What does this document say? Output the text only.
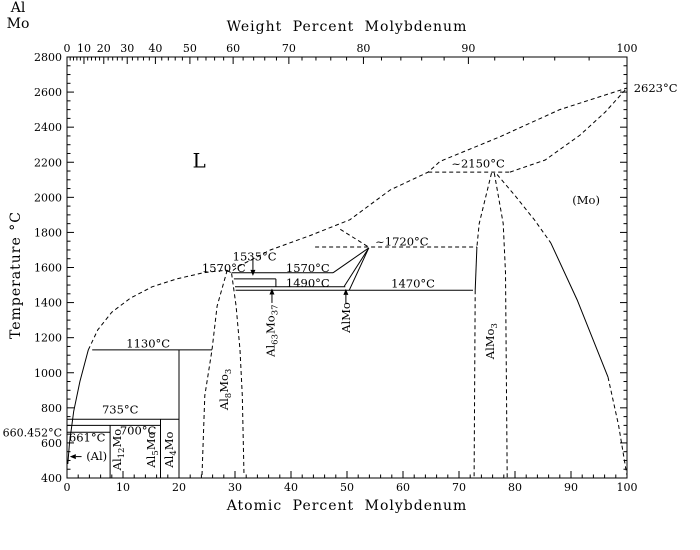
Weight Percent Molybdenum
Temperature °C
Atomic Percent Molybdenum
Al
Mo
0	10	20	30	40	50	60	70	80	90	100
0 10 20 30 40 50	60	70	80	90	100
400
600
800
1000
1200
1400
1600
1800
2000
2200
2400
2600
2800
660.452°C
L
1570°C
1535°C
1570°C
1490°C
~1720°C
1470°C
~2150°C
2623°C
(Mo)
1130°C
735°C
700°C
661°C
(Al)
$Al_{12}Mo$
$Al_5Mo$
$Al_4Mo$
$Al_8Mo_3$
$Al_{63}Mo_{37}$	AlMo
AlMo$_3$
